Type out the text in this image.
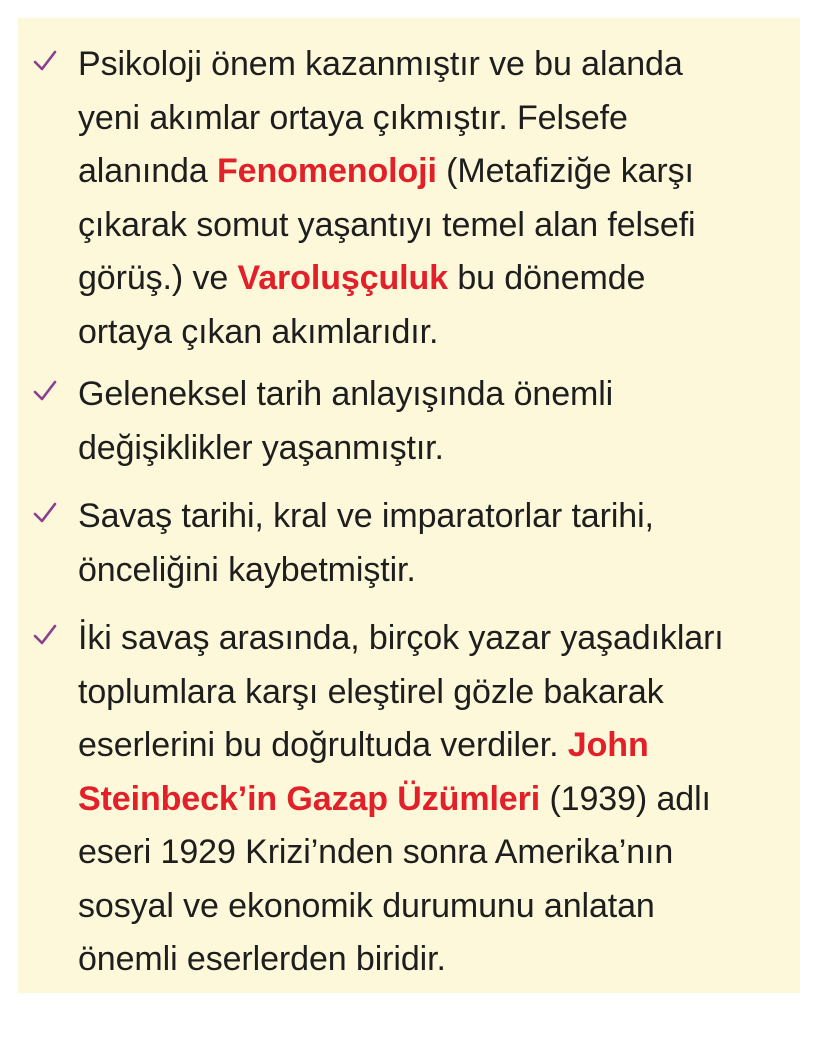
Psikoloji önem kazanmıştır ve bu alanda
yeni akımlar ortaya çıkmıştır. Felsefe
alanında Fenomenoloji (Metafiziğe karşı
çıkarak somut yaşantıyı temel alan felsefi
görüş.) ve Varoluşçuluk bu dönemde
ortaya çıkan akımlarıdır.
Geleneksel tarih anlayışında önemli
değişiklikler yaşanmıştır.
Savaş tarihi, kral ve imparatorlar tarihi,
önceliğini kaybetmiştir.
İki savaş arasında, birçok yazar yaşadıkları
toplumlara karşı eleştirel gözle bakarak
eserlerini bu doğrultuda verdiler. John
Steinbeck’in Gazap Üzümleri (1939) adlı
eseri 1929 Krizi’nden sonra Amerika’nın
sosyal ve ekonomik durumunu anlatan
önemli eserlerden biridir.
